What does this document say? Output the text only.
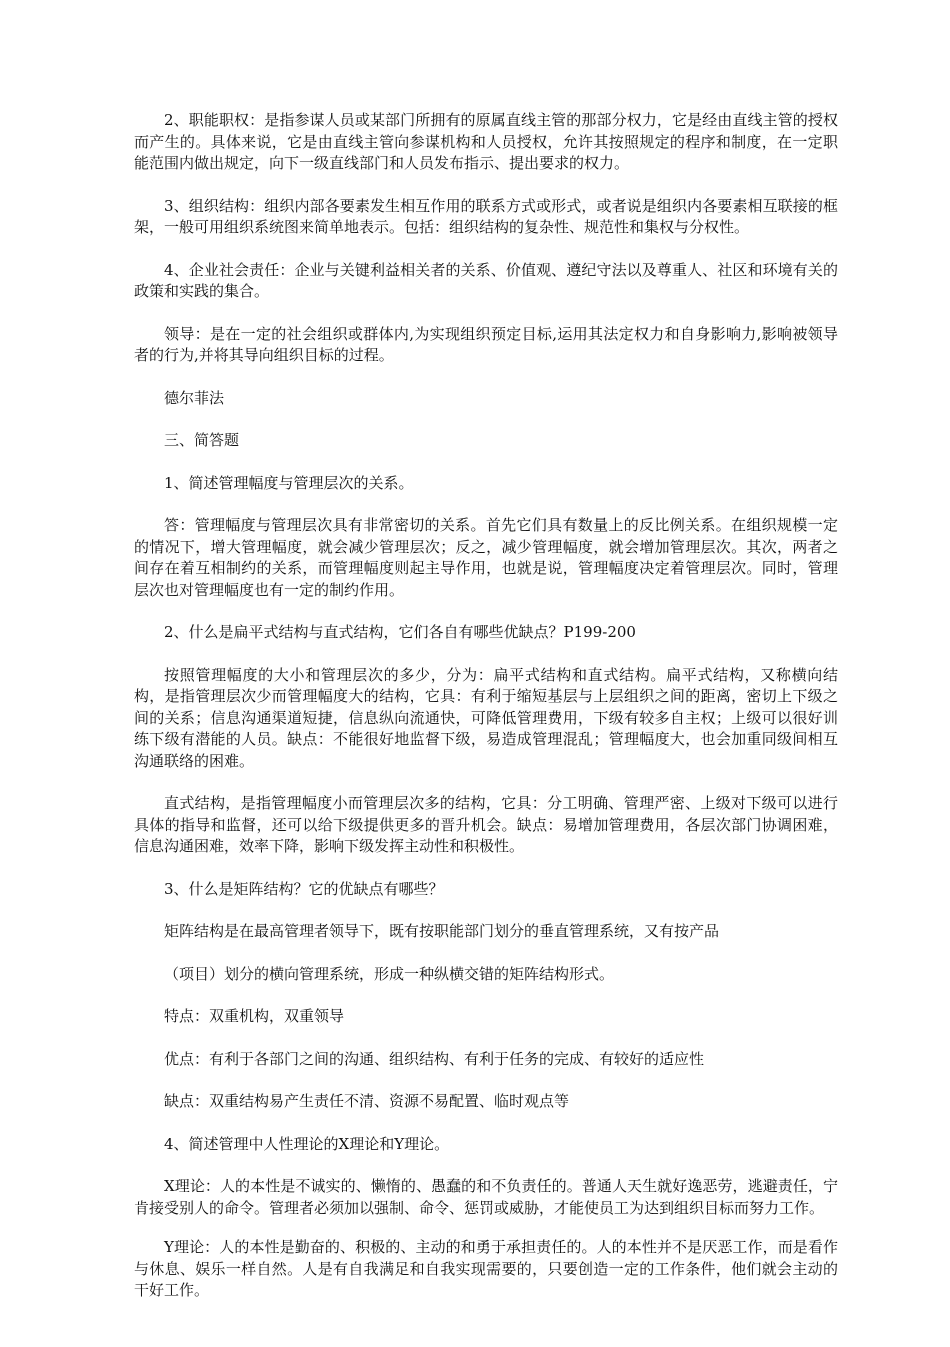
2、职能职权：是指参谋人员或某部门所拥有的原属直线主管的那部分权力，它是经由直线主管的授权而产生的。具体来说，它是由直线主管向参谋机构和人员授权，允许其按照规定的程序和制度，在一定职能范围内做出规定，向下一级直线部门和人员发布指示、提出要求的权力。

3、组织结构：组织内部各要素发生相互作用的联系方式或形式，或者说是组织内各要素相互联接的框架，一般可用组织系统图来简单地表示。包括：组织结构的复杂性、规范性和集权与分权性。

4、企业社会责任：企业与关键利益相关者的关系、价值观、遵纪守法以及尊重人、社区和环境有关的政策和实践的集合。

领导：是在一定的社会组织或群体内,为实现组织预定目标,运用其法定权力和自身影响力,影响被领导者的行为,并将其导向组织目标的过程。

德尔菲法

三、简答题

1、简述管理幅度与管理层次的关系。

答：管理幅度与管理层次具有非常密切的关系。首先它们具有数量上的反比例关系。在组织规模一定的情况下，增大管理幅度，就会减少管理层次；反之，减少管理幅度，就会增加管理层次。其次，两者之间存在着互相制约的关系，而管理幅度则起主导作用，也就是说，管理幅度决定着管理层次。同时，管理层次也对管理幅度也有一定的制约作用。

2、什么是扁平式结构与直式结构，它们各自有哪些优缺点？P199-200

按照管理幅度的大小和管理层次的多少，分为：扁平式结构和直式结构。扁平式结构，又称横向结构，是指管理层次少而管理幅度大的结构，它具：有利于缩短基层与上层组织之间的距离，密切上下级之间的关系；信息沟通渠道短捷，信息纵向流通快，可降低管理费用，下级有较多自主权；上级可以很好训练下级有潜能的人员。缺点：不能很好地监督下级，易造成管理混乱；管理幅度大，也会加重同级间相互沟通联络的困难。

直式结构，是指管理幅度小而管理层次多的结构，它具：分工明确、管理严密、上级对下级可以进行具体的指导和监督，还可以给下级提供更多的晋升机会。缺点：易增加管理费用，各层次部门协调困难，信息沟通困难，效率下降，影响下级发挥主动性和积极性。

3、什么是矩阵结构？它的优缺点有哪些？

矩阵结构是在最高管理者领导下，既有按职能部门划分的垂直管理系统，又有按产品

（项目）划分的横向管理系统，形成一种纵横交错的矩阵结构形式。

特点：双重机构，双重领导

优点：有利于各部门之间的沟通、组织结构、有利于任务的完成、有较好的适应性

缺点：双重结构易产生责任不清、资源不易配置、临时观点等

4、简述管理中人性理论的X理论和Y理论。

X理论：人的本性是不诚实的、懒惰的、愚蠢的和不负责任的。普通人天生就好逸恶劳，逃避责任，宁肯接受别人的命令。管理者必须加以强制、命令、惩罚或威胁，才能使员工为达到组织目标而努力工作。

Y理论：人的本性是勤奋的、积极的、主动的和勇于承担责任的。人的本性并不是厌恶工作，而是看作与休息、娱乐一样自然。人是有自我满足和自我实现需要的，只要创造一定的工作条件，他们就会主动的干好工作。
